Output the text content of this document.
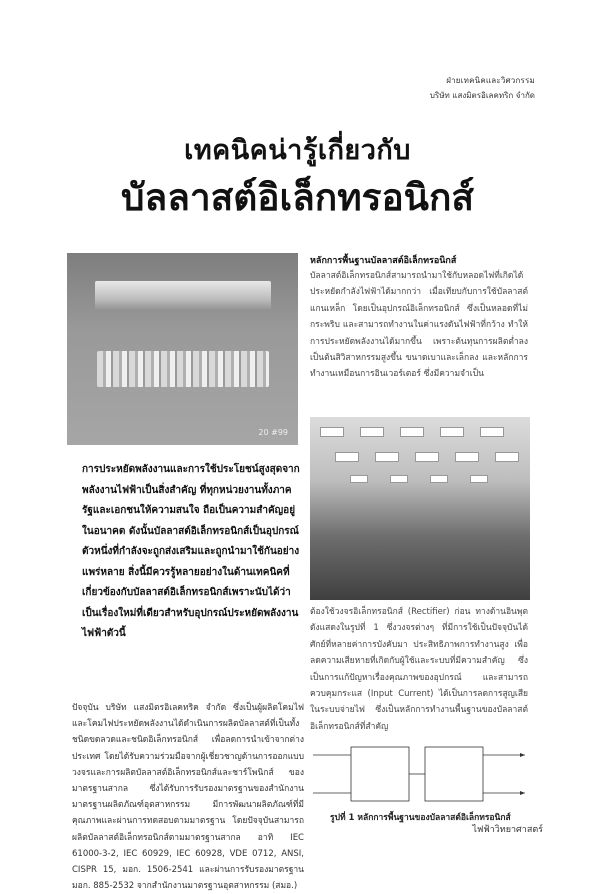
ฝ่ายเทคนิคและวิศวกรรม
บริษัท แสงมิตรอิเลคทริก จำกัด
เทคนิคน่ารู้เกี่ยวกับ
บัลลาสต์อิเล็กทรอนิกส์
20 #99

การประหยัดพลังงานและการใช้ประโยชน์สูงสุดจากพลังงานไฟฟ้าเป็นสิ่งสำคัญ ที่ทุกหน่วยงานทั้งภาครัฐและเอกชนให้ความสนใจ ถือเป็นความสำคัญอยู่ในอนาคต ดังนั้นบัลลาสต์อิเล็กทรอนิกส์เป็นอุปกรณ์ตัวหนึ่งที่กำลังจะถูกส่งเสริมและถูกนำมาใช้กันอย่างแพร่หลาย สิ่งนี้มีควรรู้หลายอย่างในด้านเทคนิคที่เกี่ยวข้องกับบัลลาสต์อิเล็กทรอนิกส์เพราะนับได้ว่าเป็นเรื่องใหม่ที่เดียวสำหรับอุปกรณ์ประหยัดพลังงานไฟฟ้าตัวนี้

ปัจจุบัน บริษัท แสงมิตรอิเลคทริค จำกัด ซึ่งเป็นผู้ผลิตโคมไฟ และโคมไฟประหยัดพลังงานได้ดำเนินการผลิตบัลลาสต์ที่เป็นทั้งชนิดขดลวดและชนิดอิเล็กทรอนิกส์ เพื่อลดการนำเข้าจากต่างประเทศ โดยได้รับความร่วมมือจากผู้เชี่ยวชาญด้านการออกแบบวงจรและการผลิตบัลลาสต์อิเล็กทรอนิกส์และชาร์โพนิกส์ ของมาตรฐานสากล ซึ่งได้รับการรับรองมาตรฐานของสำนักงานมาตรฐานผลิตภัณฑ์อุตสาหกรรม มีการพัฒนาผลิตภัณฑ์ที่มีคุณภาพและผ่านการทดสอบตามมาตรฐาน โดยปัจจุบันสามารถผลิตบัลลาสต์อิเล็กทรอนิกส์ตามมาตรฐานสากล อาทิ IEC 61000-3-2, IEC 60929, IEC 60928, VDE 0712, ANSI, CISPR 15, มอก. 1506-2541 และผ่านการรับรองมาตรฐาน มอก. 885-2532 จากสำนักงานมาตรฐานอุตสาหกรรม (สมอ.)
หลักการพื้นฐานบัลลาสต์อิเล็กทรอนิกส์
บัลลาสต์อิเล็กทรอนิกส์สามารถนำมาใช้กับหลอดไฟที่เกิดได้ประหยัดกำลังไฟฟ้าได้มากกว่า เมื่อเทียบกับการใช้บัลลาสต์แกนเหล็ก โดยเป็นอุปกรณ์อิเล็กทรอนิกส์ ซึ่งเป็นหลอดที่ไม่กระพริบ และสามารถทำงานในค่าแรงดันไฟฟ้าที่กว้าง ทำให้การประหยัดพลังงานได้มากขึ้น เพราะต้นทุนการผลิตต่ำลง เป็นต้นสิวิสาหกรรมสูงขึ้น ขนาดเบาและเล็กลง และหลักการทำงานเหมือนการอินเวอร์เตอร์ ซึ่งมีความจำเป็น
ต้องใช้วงจรอิเล็กทรอนิกส์ (Rectifier) ก่อน ทางด้านอินพุต ดังแสดงในรูปที่ 1 ซึ่งวงจรต่างๆ ที่มีการใช้เป็นปัจจุบันได้ศักย์ที่หลายค่าการบังคับมา ประสิทธิภาพการทำงานสูง เพื่อลดความเสียหายที่เกิดกับผู้ใช้และระบบที่มีความสำคัญ ซึ่งเป็นการแก้ปัญหาเรื่องคุณภาพของอุปกรณ์ และสามารถควบคุมกระแส (Input Current) ได้เป็นการลดการสูญเสียในระบบจ่ายไฟ ซึ่งเป็นหลักการทำงานพื้นฐานของบัลลาสต์อิเล็กทรอนิกส์ที่สำคัญ
รูปที่ 1 หลักการพื้นฐานของบัลลาสต์อิเล็กทรอนิกส์
ไฟฟ้าวิทยาศาสตร์
